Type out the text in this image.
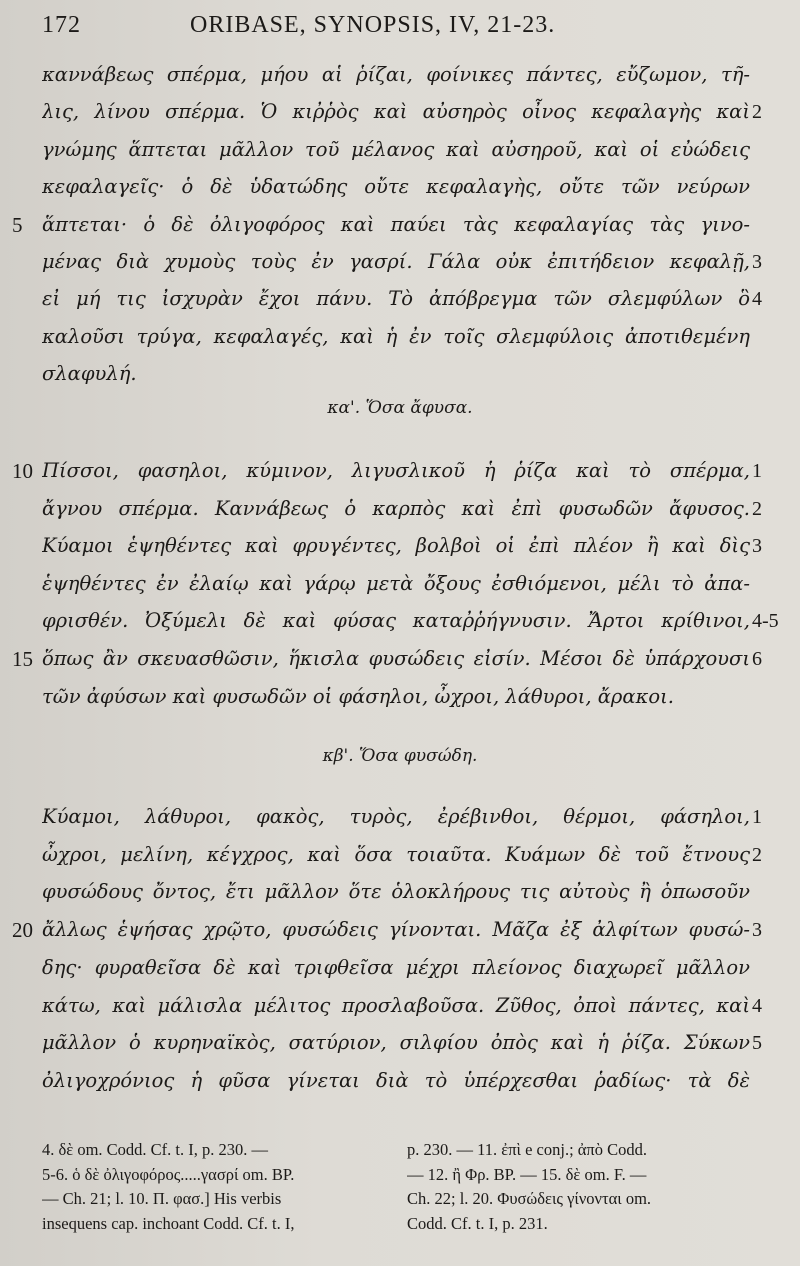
172	ORIBASE, SYNOPSIS, IV, 21-23.
καννάβεως σπέρμα, μήου αἱ ῥίζαι, φοίνικες πάντες, εὔζωμον, τῆ-
λις, λίνου σπέρμα. Ὁ κιῤῥὸς καὶ αὐσηρὸς οἶνος κεφαλαγὴς καὶ 2
γνώμης ἅπτεται μᾶλλον τοῦ μέλανος καὶ αὐσηροῦ, καὶ οἱ εὐώδεις
κεφαλαγεῖς· ὁ δὲ ὑδατώδης οὔτε κεφαλαγὴς, οὔτε τῶν νεύρων
ἅπτεται· ὁ δὲ ὀλιγοφόρος καὶ παύει τὰς κεφαλαγίας τὰς γινο-
5
μένας διὰ χυμοὺς τοὺς ἐν γασρί. Γάλα οὐκ ἐπιτήδειον κεφαλῇ, 3
εἰ μή τις ἰσχυρὰν ἔχοι πάνυ. Τὸ ἀπόβρεγμα τῶν σλεμφύλων ὃ 4
καλοῦσι τρύγα, κεφαλαγές, καὶ ἡ ἐν τοῖς σλεμφύλοις ἀποτιθεμένη
σλαφυλή.
Πίσσοι, φασηλοι, κύμινον, λιγυσλικοῦ ἡ ῥίζα καὶ τὸ σπέρμα,
10	1
ἄγνου σπέρμα. Καννάβεως ὁ καρπὸς καὶ ἐπὶ φυσωδῶν ἄφυσος. 2
Κύαμοι ἑψηθέντες καὶ φρυγέντες, βολβοὶ οἱ ἐπὶ πλέον ἢ καὶ δὶς 3
ἑψηθέντες ἐν ἐλαίῳ καὶ γάρῳ μετὰ ὄξους ἐσθιόμενοι, μέλι τὸ ἀπα-
φρισθέν. Ὀξύμελι δὲ καὶ φύσας καταῤῥήγνυσιν. Ἄρτοι κρίθινοι, 4-5
ὅπως ἂν σκευασθῶσιν, ἥκισλα φυσώδεις εἰσίν. Μέσοι δὲ ὑπάρχουσι
15	6
τῶν ἀφύσων καὶ φυσωδῶν οἱ φάσηλοι, ὦχροι, λάθυροι, ἄρακοι.
Κύαμοι, λάθυροι, φακὸς, τυρὸς, ἐρέβινθοι, θέρμοι, φάσηλοι, 1
ὦχροι, μελίνη, κέγχρος, καὶ ὅσα τοιαῦτα. Κυάμων δὲ τοῦ ἔτνους 2
φυσώδους ὄντος, ἔτι μᾶλλον ὅτε ὁλοκλήρους τις αὐτοὺς ἢ ὁπωσοῦν
ἄλλως ἑψήσας χρῷτο, φυσώδεις γίνονται. Μᾶζα ἐξ ἀλφίτων φυσώ-
20	3
δης· φυραθεῖσα δὲ καὶ τριφθεῖσα μέχρι πλείονος διαχωρεῖ μᾶλλον
κάτω, καὶ μάλισλα μέλιτος προσλαβοῦσα. Ζῦθος, ὀποὶ πάντες, καὶ 4
μᾶλλον ὁ κυρηναϊκὸς, σατύριον, σιλφίου ὀπὸς καὶ ἡ ῥίζα. Σύκων 5
ὀλιγοχρόνιος ἡ φῦσα γίνεται διὰ τὸ ὑπέρχεσθαι ῥαδίως· τὰ δὲ
κα'. Ὅσα ἄφυσα.
κβ'. Ὅσα φυσώδη.
4. δὲ om. Codd. Cf. t. I, p. 230. —
5-6. ὁ δὲ ὀλιγοφόρος.....γασρί om. BP.
— Ch. 21; l. 10. Π. φασ.] His verbis
insequens cap. inchoant Codd. Cf. t. I,
p. 230. — 11. ἐπὶ e conj.; ἀπὸ Codd.
— 12. ἢ Φρ. BP. — 15. δὲ om. F. —
Ch. 22; l. 20. Φυσώδεις γίνονται om.
Codd. Cf. t. I, p. 231.
